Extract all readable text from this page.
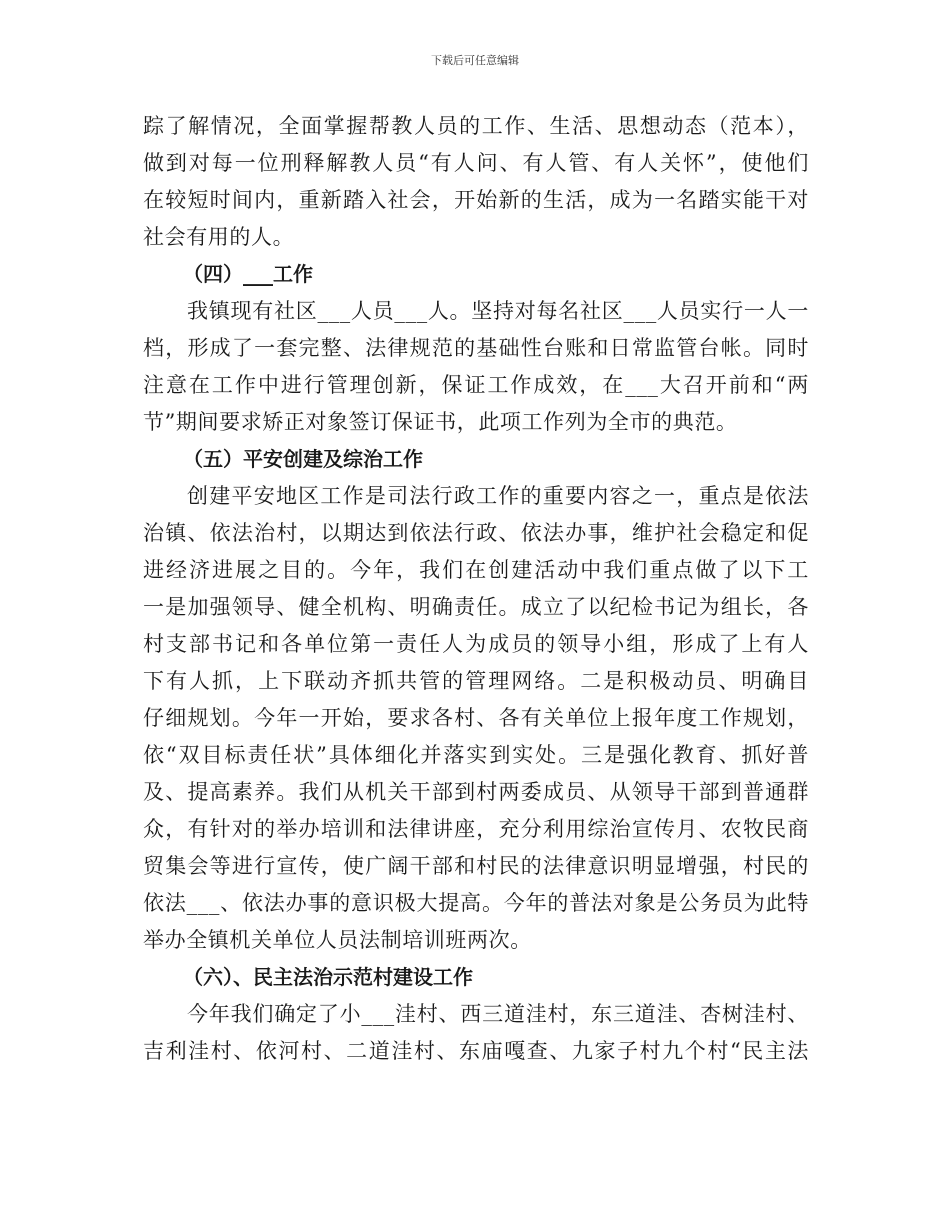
下载后可任意编辑
踪了解情况，全面掌握帮教人员的工作、生活、思想动态（范本），
做到对每一位刑释解教人员“有人问、有人管、有人关怀”，使他们
在较短时间内，重新踏入社会，开始新的生活，成为一名踏实能干对
社会有用的人。
（四）___工作
我镇现有社区___人员___人。坚持对每名社区___人员实行一人一
档，形成了一套完整、法律规范的基础性台账和日常监管台帐。同时
注意在工作中进行管理创新，保证工作成效，在___大召开前和“两
节”期间要求矫正对象签订保证书，此项工作列为全市的典范。
（五）平安创建及综治工作
创建平安地区工作是司法行政工作的重要内容之一，重点是依法
治镇、依法治村，以期达到依法行政、依法办事，维护社会稳定和促
进经济进展之目的。今年，我们在创建活动中我们重点做了以下工
一是加强领导、健全机构、明确责任。成立了以纪检书记为组长，各
村支部书记和各单位第一责任人为成员的领导小组，形成了上有人
下有人抓，上下联动齐抓共管的管理网络。二是积极动员、明确目
仔细规划。今年一开始，要求各村、各有关单位上报年度工作规划，
依“双目标责任状”具体细化并落实到实处。三是强化教育、抓好普
及、提高素养。我们从机关干部到村两委成员、从领导干部到普通群
众，有针对的举办培训和法律讲座，充分利用综治宣传月、农牧民商
贸集会等进行宣传，使广阔干部和村民的法律意识明显增强，村民的
依法___、依法办事的意识极大提高。今年的普法对象是公务员为此特
举办全镇机关单位人员法制培训班两次。
（六）、民主法治示范村建设工作
今年我们确定了小___洼村、西三道洼村，东三道洼、杏树洼村、
吉利洼村、依河村、二道洼村、东庙嘎查、九家子村九个村“民主法
